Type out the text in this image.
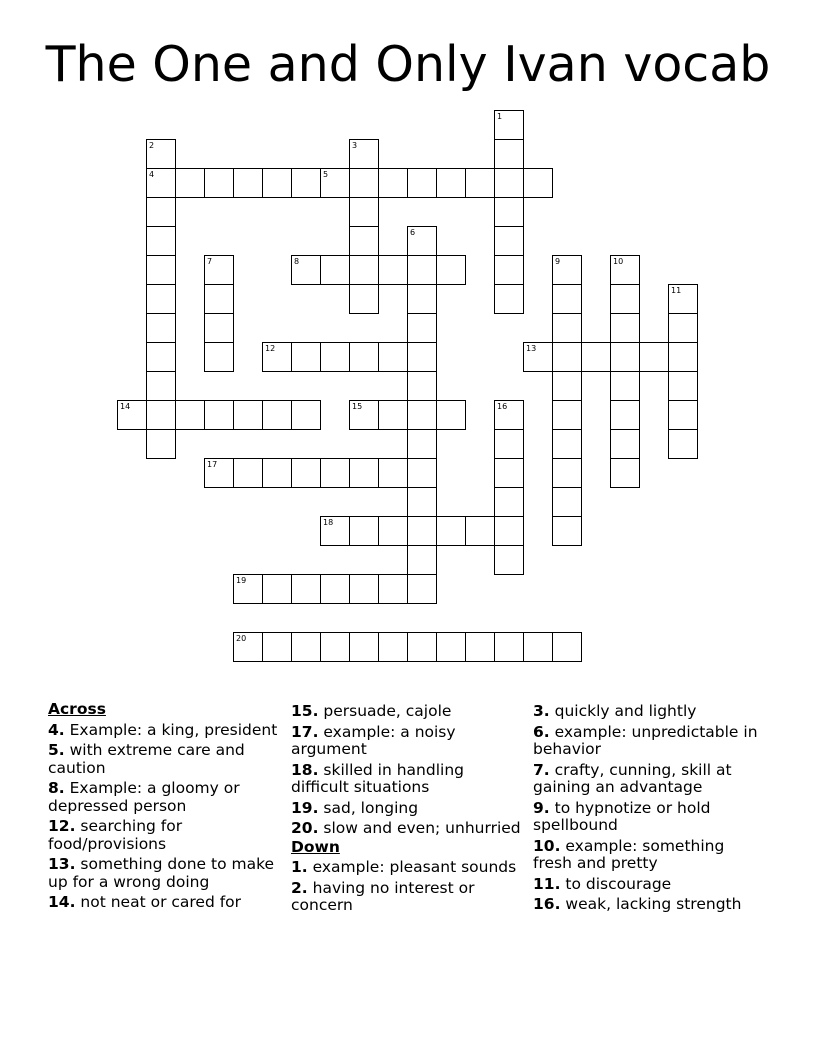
The One and Only Ivan vocab
1
2	3
4	5
6
7	8	9	10
11
12	13
14	15	16
17
18
19
20
Across
4. Example: a king, president
5. with extreme care and caution
8. Example: a gloomy or depressed person
12. searching for food/provisions
13. something done to make up for a wrong doing
14. not neat or cared for
15. persuade, cajole
17. example: a noisy argument
18. skilled in handling difficult situations
19. sad, longing
20. slow and even; unhurried
Down
1. example: pleasant sounds
2. having no interest or concern
3. quickly and lightly
6. example: unpredictable in behavior
7. crafty, cunning, skill at gaining an advantage
9. to hypnotize or hold spellbound
10. example: something fresh and pretty
11. to discourage
16. weak, lacking strength
